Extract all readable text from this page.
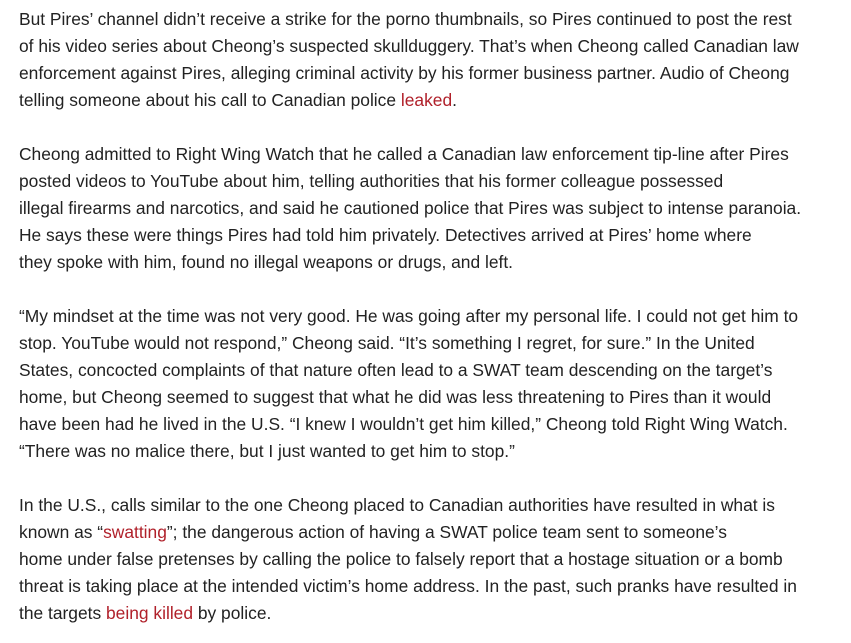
But Pires’ channel didn’t receive a strike for the porno thumbnails, so Pires continued to post the rest
of his video series about Cheong’s suspected skullduggery. That’s when Cheong called Canadian law
enforcement against Pires, alleging criminal activity by his former business partner. Audio of Cheong
telling someone about his call to Canadian police leaked.

Cheong admitted to Right Wing Watch that he called a Canadian law enforcement tip-line after Pires
posted videos to YouTube about him, telling authorities that his former colleague possessed
illegal firearms and narcotics, and said he cautioned police that Pires was subject to intense paranoia.
He says these were things Pires had told him privately. Detectives arrived at Pires’ home where
they spoke with him, found no illegal weapons or drugs, and left.

“My mindset at the time was not very good. He was going after my personal life. I could not get him to
stop. YouTube would not respond,” Cheong said. “It’s something I regret, for sure.” In the United
States, concocted complaints of that nature often lead to a SWAT team descending on the target’s
home, but Cheong seemed to suggest that what he did was less threatening to Pires than it would
have been had he lived in the U.S. “I knew I wouldn’t get him killed,” Cheong told Right Wing Watch.
“There was no malice there, but I just wanted to get him to stop.”

In the U.S., calls similar to the one Cheong placed to Canadian authorities have resulted in what is
known as “swatting”; the dangerous action of having a SWAT police team sent to someone’s
home under false pretenses by calling the police to falsely report that a hostage situation or a bomb
threat is taking place at the intended victim’s home address. In the past, such pranks have resulted in
the targets being killed by police.
